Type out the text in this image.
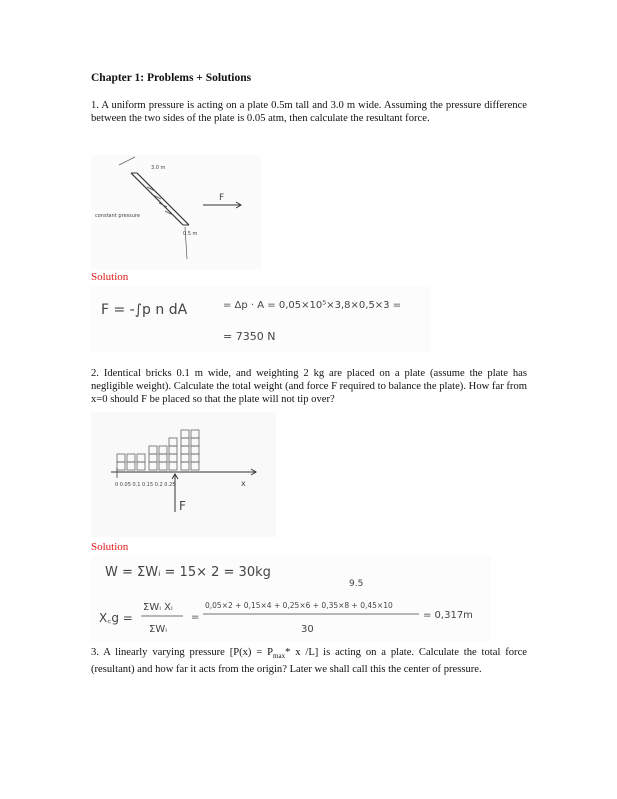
Chapter 1: Problems + Solutions
1. A uniform pressure is acting on a plate 0.5m tall and 3.0 m wide. Assuming the pressure difference between the two sides of the plate is 0.05 atm, then calculate the resultant force.
F
3.0 m
0.5 m
constant pressure
Solution
F = -∫p n dA	= Δp · A = 0,05×10⁵×3,8×0,5×3 =
= 7350 N
2. Identical bricks 0.1 m wide, and weighting 2 kg are placed on a plate (assume the plate has negligible weight). Calculate the total weight (and force F required to balance the plate). How far from x=0 should F be placed so that the plate will not tip over?
0 0.05 0.1 0.15 0.2 0.25	x
F
Solution
W = ΣWᵢ = 15× 2 = 30kg
9.5
X꜀g =
ΣWᵢ Xᵢ
ΣWᵢ
=
0,05×2 + 0,15×4 + 0,25×6 + 0,35×8 + 0,45×10
30
= 0,317m
3. A linearly varying pressure [$P(x) = P_{max}*$ x /L] is acting on a plate. Calculate the total force (resultant) and how far it acts from the origin? Later we shall call this the center of pressure.
